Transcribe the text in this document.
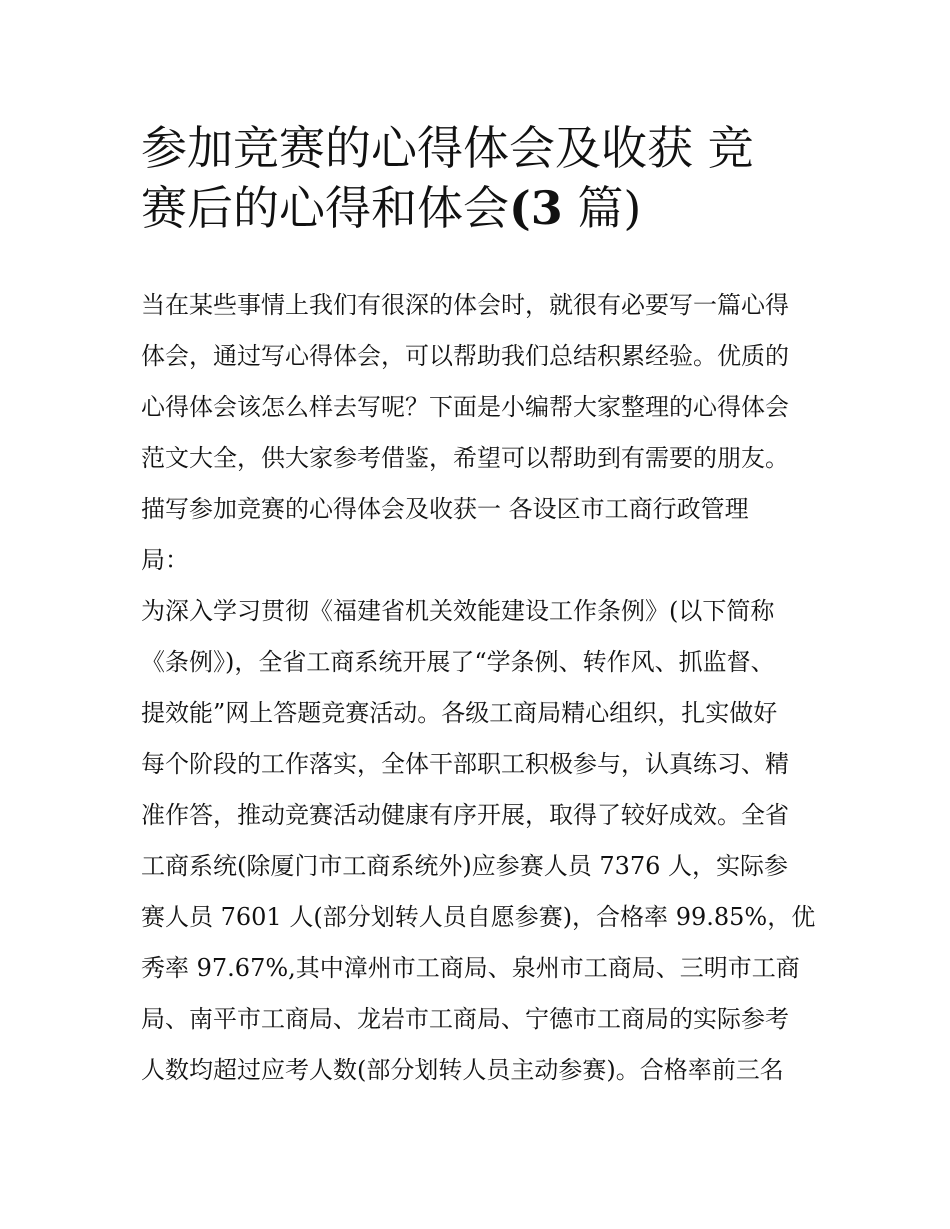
参加竞赛的心得体会及收获 竞
赛后的心得和体会(3 篇)
当在某些事情上我们有很深的体会时，就很有必要写一篇心得
体会，通过写心得体会，可以帮助我们总结积累经验。优质的
心得体会该怎么样去写呢？下面是小编帮大家整理的心得体会
范文大全，供大家参考借鉴，希望可以帮助到有需要的朋友。
描写参加竞赛的心得体会及收获一 各设区市工商行政管理
局：
为深入学习贯彻《福建省机关效能建设工作条例》(以下简称
《条例》)，全省工商系统开展了“学条例、转作风、抓监督、
提效能”网上答题竞赛活动。各级工商局精心组织，扎实做好
每个阶段的工作落实，全体干部职工积极参与，认真练习、精
准作答，推动竞赛活动健康有序开展，取得了较好成效。全省
工商系统(除厦门市工商系统外)应参赛人员 7376 人，实际参
赛人员 7601 人(部分划转人员自愿参赛)，合格率 99.85%，优
秀率 97.67%,其中漳州市工商局、泉州市工商局、三明市工商
局、南平市工商局、龙岩市工商局、宁德市工商局的实际参考
人数均超过应考人数(部分划转人员主动参赛)。合格率前三名
